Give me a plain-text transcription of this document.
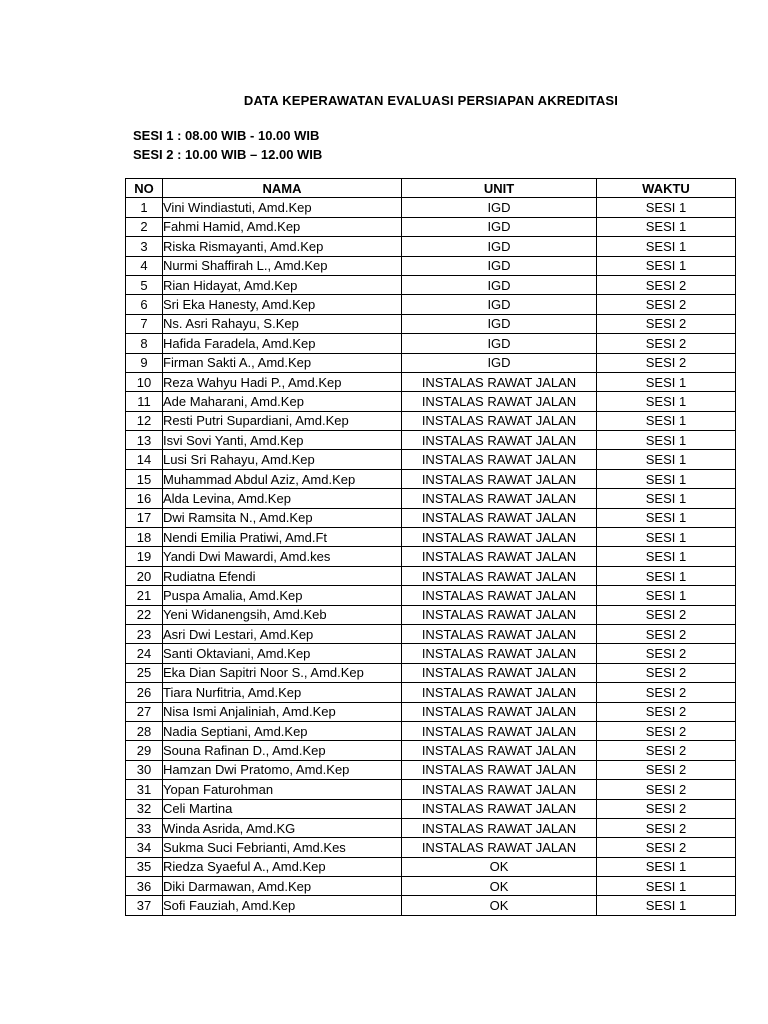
DATA KEPERAWATAN EVALUASI PERSIAPAN AKREDITASI
SESI 1 : 08.00 WIB - 10.00 WIB
SESI 2 : 10.00 WIB – 12.00 WIB
NO	NAMA	UNIT	WAKTU
1	Vini Windiastuti, Amd.Kep	IGD	SESI 1
2	Fahmi Hamid, Amd.Kep	IGD	SESI 1
3	Riska Rismayanti, Amd.Kep	IGD	SESI 1
4	Nurmi Shaffirah L., Amd.Kep	IGD	SESI 1
5	Rian Hidayat, Amd.Kep	IGD	SESI 2
6	Sri Eka Hanesty, Amd.Kep	IGD	SESI 2
7	Ns. Asri Rahayu, S.Kep	IGD	SESI 2
8	Hafida Faradela, Amd.Kep	IGD	SESI 2
9	Firman Sakti A., Amd.Kep	IGD	SESI 2
10	Reza Wahyu Hadi P., Amd.Kep	INSTALAS RAWAT JALAN	SESI 1
11	Ade Maharani, Amd.Kep	INSTALAS RAWAT JALAN	SESI 1
12	Resti Putri Supardiani, Amd.Kep	INSTALAS RAWAT JALAN	SESI 1
13	Isvi Sovi Yanti, Amd.Kep	INSTALAS RAWAT JALAN	SESI 1
14	Lusi Sri Rahayu, Amd.Kep	INSTALAS RAWAT JALAN	SESI 1
15	Muhammad Abdul Aziz, Amd.Kep	INSTALAS RAWAT JALAN	SESI 1
16	Alda Levina, Amd.Kep	INSTALAS RAWAT JALAN	SESI 1
17	Dwi Ramsita N., Amd.Kep	INSTALAS RAWAT JALAN	SESI 1
18	Nendi Emilia Pratiwi, Amd.Ft	INSTALAS RAWAT JALAN	SESI 1
19	Yandi Dwi Mawardi, Amd.kes	INSTALAS RAWAT JALAN	SESI 1
20	Rudiatna Efendi	INSTALAS RAWAT JALAN	SESI 1
21	Puspa Amalia, Amd.Kep	INSTALAS RAWAT JALAN	SESI 1
22	Yeni Widanengsih, Amd.Keb	INSTALAS RAWAT JALAN	SESI 2
23	Asri Dwi Lestari, Amd.Kep	INSTALAS RAWAT JALAN	SESI 2
24	Santi Oktaviani, Amd.Kep	INSTALAS RAWAT JALAN	SESI 2
25	Eka Dian Sapitri Noor S., Amd.Kep	INSTALAS RAWAT JALAN	SESI 2
26	Tiara Nurfitria, Amd.Kep	INSTALAS RAWAT JALAN	SESI 2
27	Nisa Ismi Anjaliniah, Amd.Kep	INSTALAS RAWAT JALAN	SESI 2
28	Nadia Septiani, Amd.Kep	INSTALAS RAWAT JALAN	SESI 2
29	Souna Rafinan D., Amd.Kep	INSTALAS RAWAT JALAN	SESI 2
30	Hamzan Dwi Pratomo, Amd.Kep	INSTALAS RAWAT JALAN	SESI 2
31	Yopan Faturohman	INSTALAS RAWAT JALAN	SESI 2
32	Celi Martina	INSTALAS RAWAT JALAN	SESI 2
33	Winda Asrida, Amd.KG	INSTALAS RAWAT JALAN	SESI 2
34	Sukma Suci Febrianti, Amd.Kes	INSTALAS RAWAT JALAN	SESI 2
35	Riedza Syaeful A., Amd.Kep	OK	SESI 1
36	Diki Darmawan, Amd.Kep	OK	SESI 1
37	Sofi Fauziah, Amd.Kep	OK	SESI 1
